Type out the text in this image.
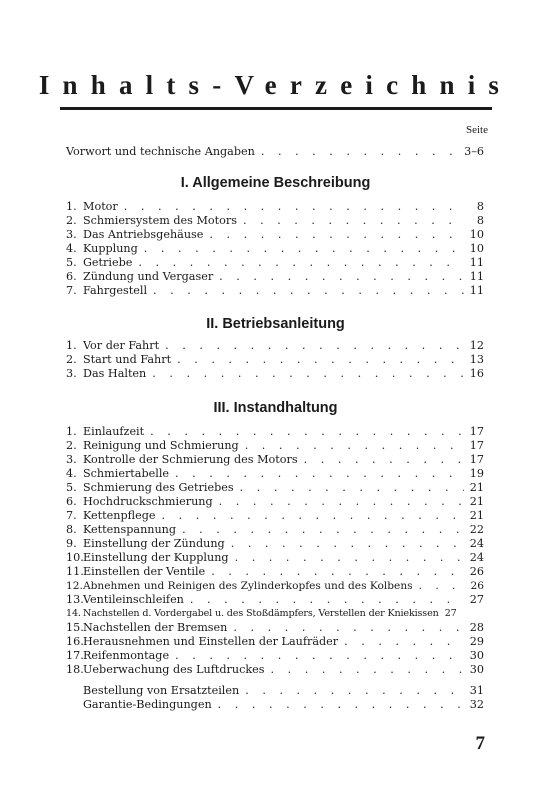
Inhalts-Verzeichnis
Seite
Vorwort und technische Angaben . . .	3–6
I. Allgemeine Beschreibung
1. Motor . . .	8
2. Schmiersystem des Motors . . .	8
3. Das Antriebsgehäuse . . .	10
4. Kupplung . . .	10
5. Getriebe . . .	11
6. Zündung und Vergaser . . .	11
7. Fahrgestell . . .	11
II. Betriebsanleitung
1. Vor der Fahrt . . .	12
2. Start und Fahrt . . .	13
3. Das Halten . . .	16
III. Instandhaltung
1. Einlaufzeit . . .	17
2. Reinigung und Schmierung . . .	17
3. Kontrolle der Schmierung des Motors . . .	17
4. Schmiertabelle . . .	19
5. Schmierung des Getriebes . . .	21
6. Hochdruckschmierung . . .	21
7. Kettenpflege . . .	21
8. Kettenspannung . . .	22
9. Einstellung der Zündung . . .	24
10. Einstellung der Kupplung . . .	24
11. Einstellen der Ventile . . .	26
12. Abnehmen und Reinigen des Zylinderkopfes und des Kolbens . . .	26
13. Ventileinschleifen . . .	27
14. Nachstellen d. Vordergabel u. des Stoßdämpfers, Verstellen der Kniekissen 27
15. Nachstellen der Bremsen . . .	28
16. Herausnehmen und Einstellen der Laufräder . . .	29
17. Reifenmontage . . .	30
18. Ueberwachung des Luftdruckes . . .	30
Bestellung von Ersatzteilen . . .	31
Garantie-Bedingungen . . .	32
7
